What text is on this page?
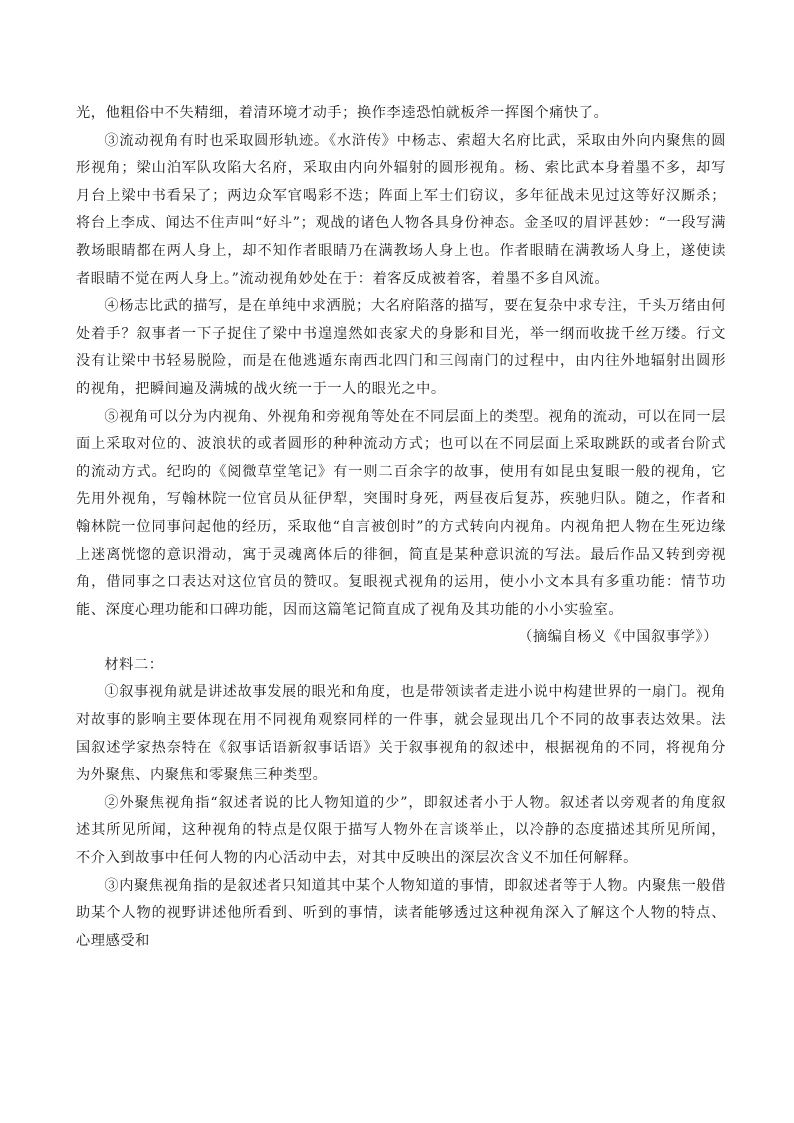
光，他粗俗中不失精细，着清环境才动手；换作李逵恐怕就板斧一挥图个痛快了。

③流动视角有时也采取圆形轨迹。《水浒传》中杨志、索超大名府比武，采取由外向内聚焦的圆形视角；梁山泊军队攻陷大名府，采取由内向外辐射的圆形视角。杨、索比武本身着墨不多，却写月台上梁中书看呆了；两边众军官喝彩不迭；阵面上军士们窃议，多年征战未见过这等好汉厮杀；将台上李成、闻达不住声叫“好斗”；观战的诸色人物各具身份神态。金圣叹的眉评甚妙：“一段写满教场眼睛都在两人身上，却不知作者眼睛乃在满教场人身上也。作者眼睛在满教场人身上，遂使读者眼睛不觉在两人身上。”流动视角妙处在于：着客反成被着客，着墨不多自风流。

④杨志比武的描写，是在单纯中求洒脱；大名府陷落的描写，要在复杂中求专注，千头万绪由何处着手？叙事者一下子捉住了梁中书遑遑然如丧家犬的身影和目光，举一纲而收拢千丝万缕。行文没有让梁中书轻易脱险，而是在他逃遁东南西北四门和三闯南门的过程中，由内往外地辐射出圆形的视角，把瞬间遍及满城的战火统一于一人的眼光之中。

⑤视角可以分为内视角、外视角和旁视角等处在不同层面上的类型。视角的流动，可以在同一层面上采取对位的、波浪状的或者圆形的种种流动方式；也可以在不同层面上采取跳跃的或者台阶式的流动方式。纪昀的《阅微草堂笔记》有一则二百余字的故事，使用有如昆虫复眼一般的视角，它先用外视角，写翰林院一位官员从征伊犁，突围时身死，两昼夜后复苏，疾驰归队。随之，作者和翰林院一位同事问起他的经历，采取他“自言被创时”的方式转向内视角。内视角把人物在生死边缘上迷离恍惚的意识滑动，寓于灵魂离体后的徘徊，简直是某种意识流的写法。最后作品又转到旁视角，借同事之口表达对这位官员的赞叹。复眼视式视角的运用，使小小文本具有多重功能：情节功能、深度心理功能和口碑功能，因而这篇笔记简直成了视角及其功能的小小实验室。

（摘编自杨义《中国叙事学》）

材料二：

①叙事视角就是讲述故事发展的眼光和角度，也是带领读者走进小说中构建世界的一扇门。视角对故事的影响主要体现在用不同视角观察同样的一件事，就会显现出几个不同的故事表达效果。法国叙述学家热奈特在《叙事话语新叙事话语》关于叙事视角的叙述中，根据视角的不同，将视角分为外聚焦、内聚焦和零聚焦三种类型。

②外聚焦视角指“叙述者说的比人物知道的少”，即叙述者小于人物。叙述者以旁观者的角度叙述其所见所闻，这种视角的特点是仅限于描写人物外在言谈举止，以冷静的态度描述其所见所闻，不介入到故事中任何人物的内心活动中去，对其中反映出的深层次含义不加任何解释。

③内聚焦视角指的是叙述者只知道其中某个人物知道的事情，即叙述者等于人物。内聚焦一般借助某个人物的视野讲述他所看到、听到的事情，读者能够透过这种视角深入了解这个人物的特点、心理感受和
